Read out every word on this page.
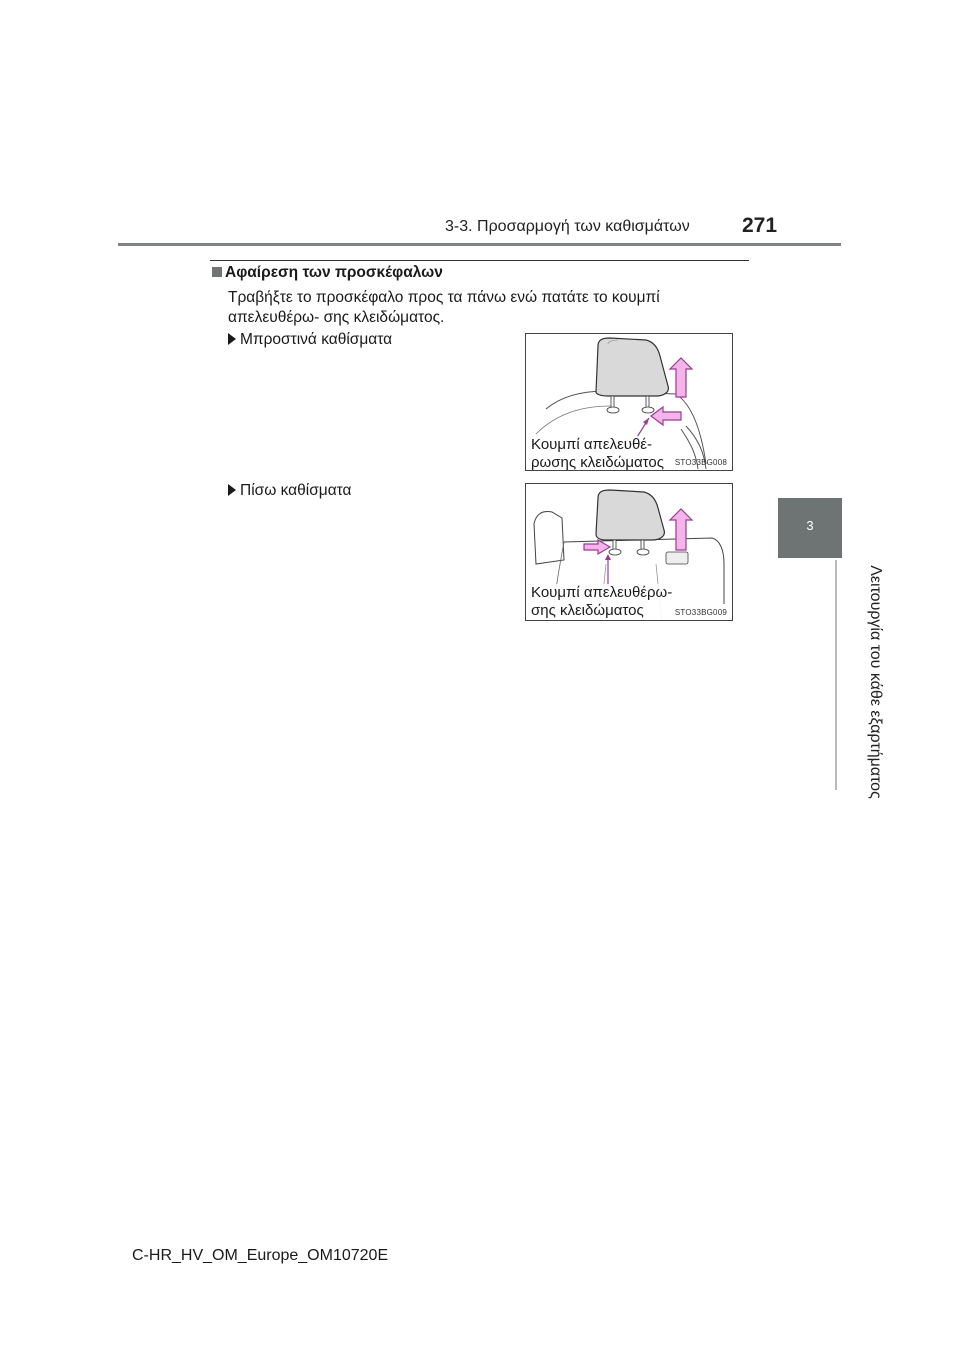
3-3. Προσαρμογή των καθισμάτων 271
3
Λειτουργία του κάθε εξαρτήματος
Αφαίρεση των προσκέφαλων
Τραβήξτε το προσκέφαλο προς τα πάνω ενώ πατάτε το κουμπί απελευθέρω- σης κλειδώματος.
Μπροστινά καθίσματα
Κουμπί απελευθέ-
ρωσης κλειδώματος STO33BG008
Πίσω καθίσματα
Κουμπί απελευθέρω-
σης κλειδώματος	STO33BG009
C-HR_HV_OM_Europe_OM10720E
